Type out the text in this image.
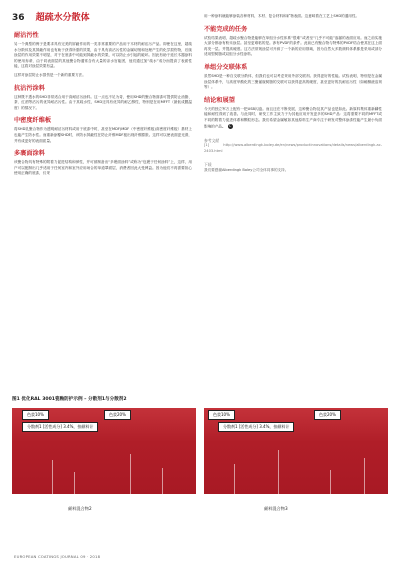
36 超疏水分散体
耐沾污性

另一个典型的例子是要求具有完美的屏蔽作用的一类非常重要的产品用于木材的耐沾污产品。即使在这里，超疏水分散体及其屏蔽作用也有助于获得所需的效果，由于具有高沾污性的金属切削和处理产生的化学损伤物，后续涂层的作用效果不明显，对于在底漆中可能到屏蔽水的效果，可以防止水引起的破坏。因此有助于延长木器涂料的使用寿命，由于同表面层的其他聚合物通常含有大量的亲水官能团，他们通过加“疏水”成分而提高了表面性能，这将对涂层效果有益。

这样对涂层防止水损伤是一个新的重要方法。

抗沾污涂料

这种既不透水的SHD非常适合用于高耐沾污涂料。这一点也不足为奇，使用SHD的聚合物面漆可提供防止油脂、茶、红酒等沾污的优异耐沾污性。由于其疏水性，SHD还具有优异的耐乙醇性，特别是在用MFFT（最低成膜温度）的情况下。

中密度纤维板

将SHD乳聚合物作为透明耐沾污材料或用于底漆中时，甚至在MDF(MDF（中密度纤维板)高密度纤维板）基材上也能产生防水性。而重新涂覆SHD时，该防水屏蔽性在防止纤维MDF板出现纤维膨胀。这样可以使表面更光滑，并有成更好的表面质量。

多裹面涂料

该聚合物具有特殊的附着力促进结构和弹性，并可被制备出“多裹面涂料”或称为“包裹于任何涂料”上，这样，用户可以配制出几乎适用于任何室内和室外应用场合的单道罩面层，消费者因此大受裨益。因为他们不再需要担心使用正确的底漆，仅采

用一种涂料就能够涂装各种材料，木材、复合材料和矿物表面。这意味着在工艺上SHD的通用性。

不能完成的任务

试验结果表明，超疏水聚合物是能够在单组分水性体系“很难”或者至“几乎不可能”渗漏的表面应用。而之前实施大部分都涂有粉末涂层。甚至更难粘的是。涉有PVDF的条件。此前已有聚合物与特殊的PVDF结合使其在这上面再发一层。并提高硬度。这方法常规涂层可开辟了一个新的应用领域，因为自然大多数颜料体系都是采用或部分适用型树脂或双组分水性涂料。

单组分交联体系

虽然SHD是一种自交联分散体，但我们也可以考虑采用外部交联剂。获得更好的性能。试验表明，特别是在金属涂层体系中，与高度甲酸化的三聚氰胺树脂的交联可以获得更高的硬度，甚至更好的抗耐沾污性（如耐酮液溶剂等）。

结论和展望

今天的独立军万上配有一把USB闪盘。而且还在不断发展，这种聚合物及其产品也是如此。新原料集体重新翻性能和耐性得到了改善。与此同时，研发工作主致力于为其他应用开发更多的SHD产品：这将需要不同的MFFT或不同的附着力促进体系和颗粒形态。我们希望金属敏如其他原料生产商专注于研发对整体涂漆性能产生最小负面影响的产品。 C

参考文献

[1] http://www.alberdingk-boley.de/en/news/productinnovations/details/news/alberdingk-ac-2403.html

下载

我们要感谢Alberdingk Boley公司全体同事的支持。

图1 优化RAL 3001瓷釉防护示例 – 分散剂1与分散剂2
色浆10%	色浆20%
分散剂1 [活性成分] 3.4%，按颜料计
颜料混合物2
色浆10%	色浆20%
分散剂1 [活性成分] 3.4%，按颜料计
颜料混合物3
EUROPEAN COATINGS JOURNAL 09 · 2018
